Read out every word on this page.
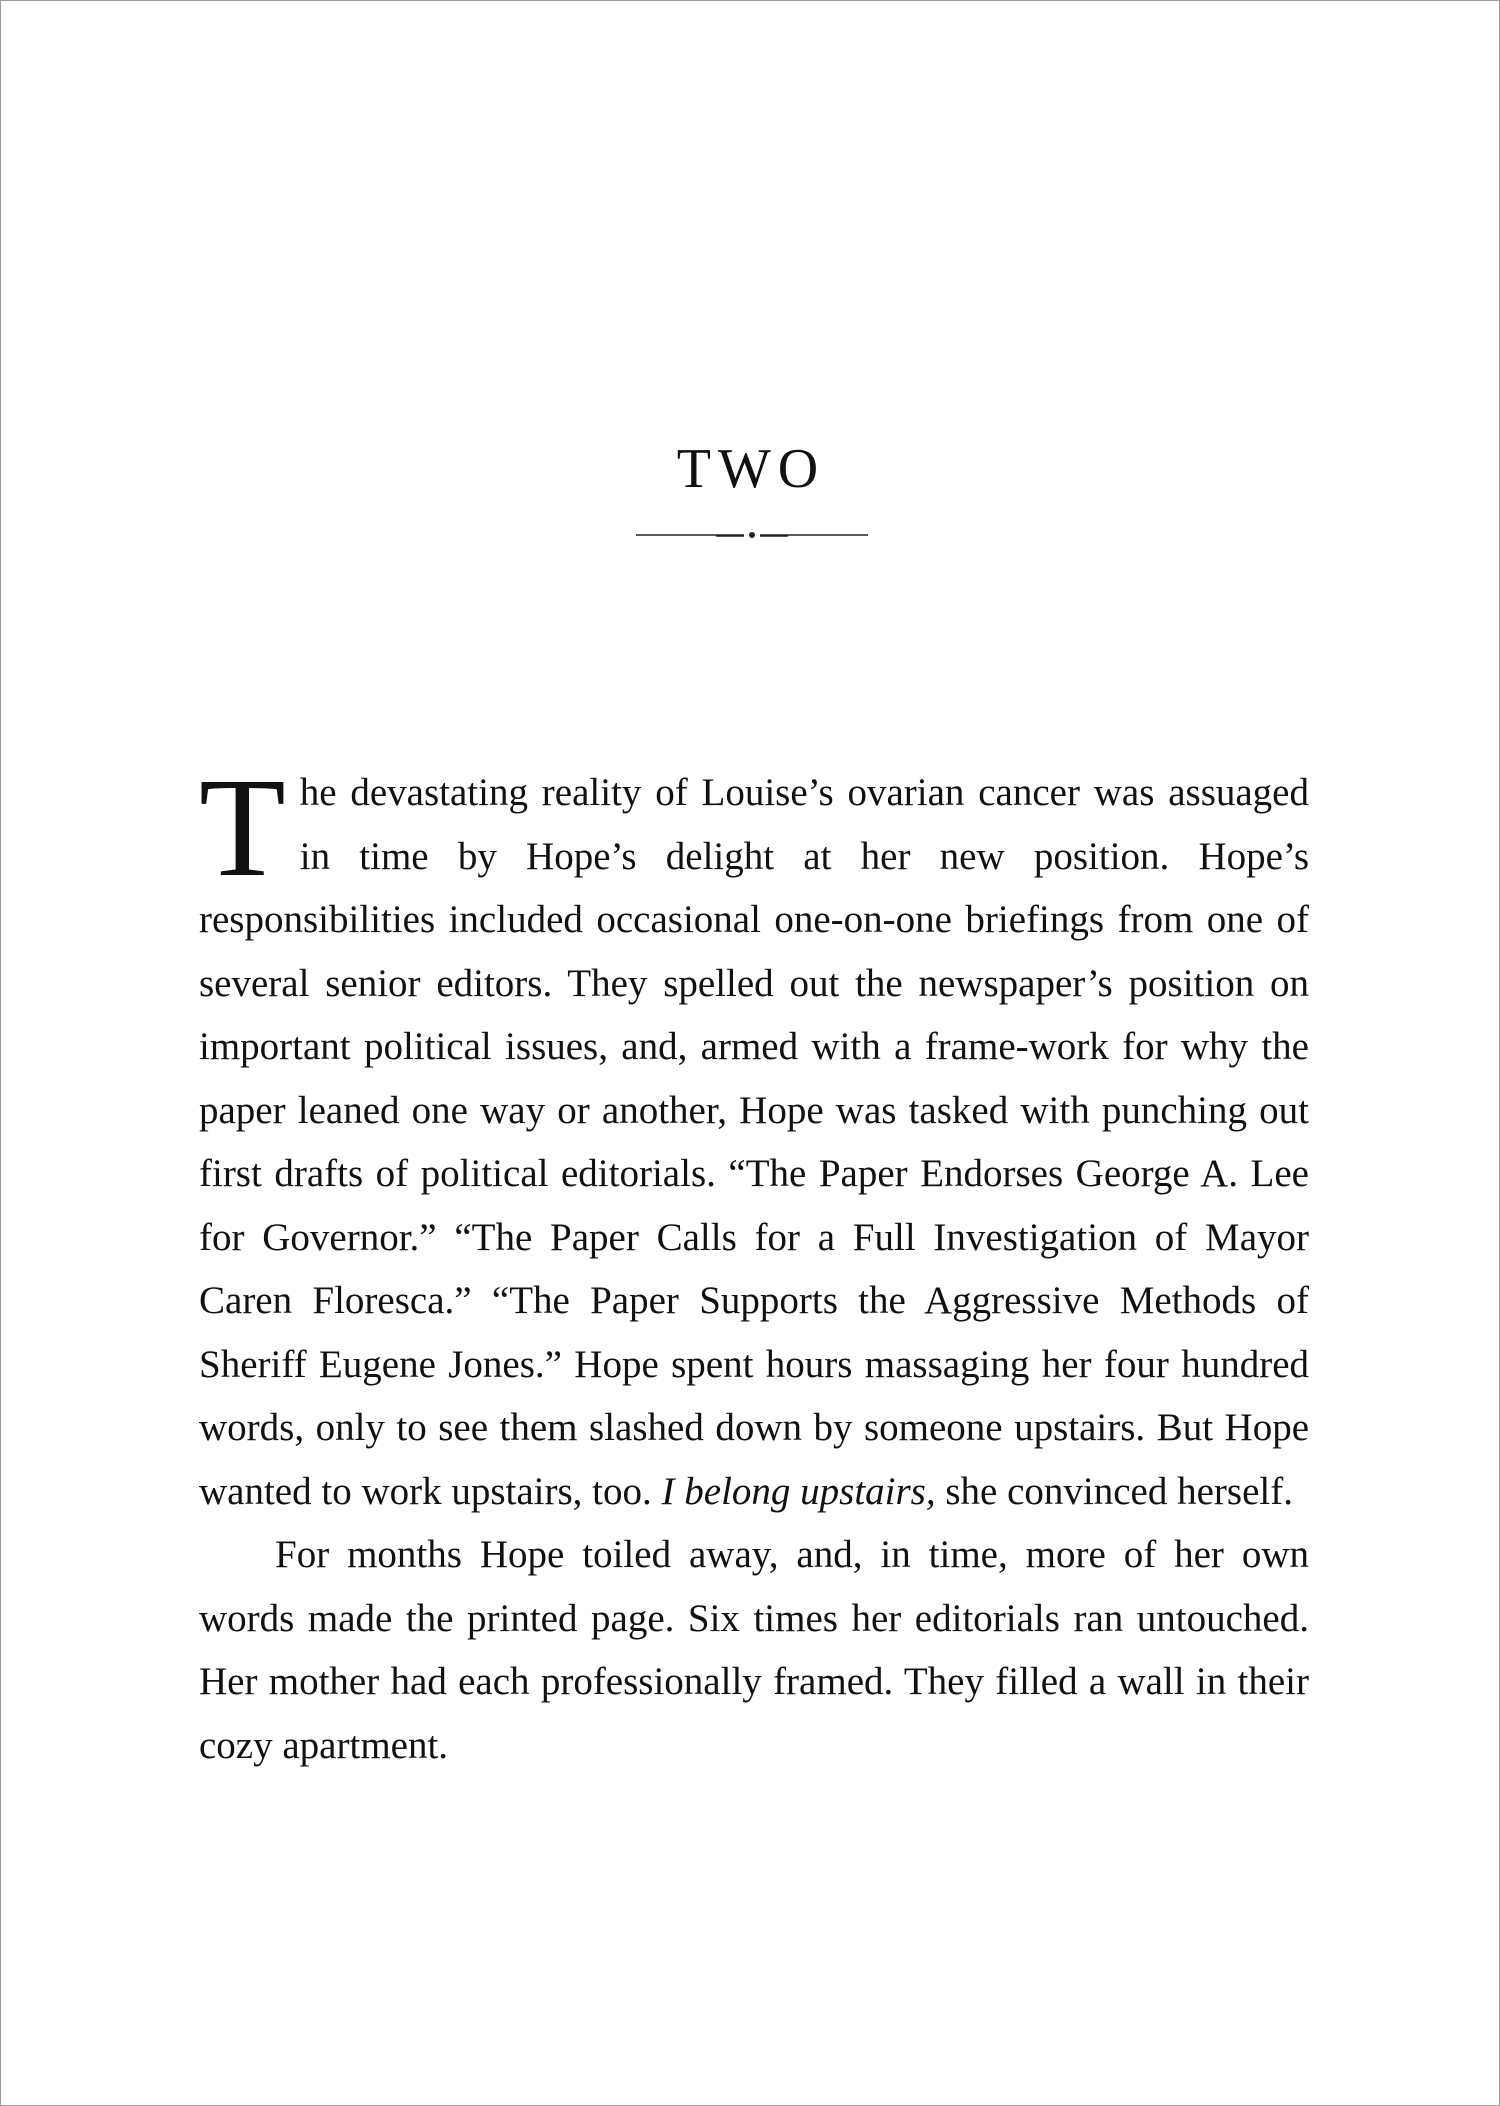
TWO

The devastating reality of Louise’s ovarian cancer was assuaged in time by Hope’s delight at her new position. Hope’s responsibilities included occasional one-on-one briefings from one of several senior editors. They spelled out the newspaper’s position on important political issues, and, armed with a frame-work for why the paper leaned one way or another, Hope was tasked with punching out first drafts of political editorials. “The Paper Endorses George A. Lee for Governor.” “The Paper Calls for a Full Investigation of Mayor Caren Floresca.” “The Paper Supports the Aggressive Methods of Sheriff Eugene Jones.” Hope spent hours massaging her four hundred words, only to see them slashed down by someone upstairs. But Hope wanted to work upstairs, too. I belong upstairs, she convinced herself.

For months Hope toiled away, and, in time, more of her own words made the printed page. Six times her editorials ran untouched. Her mother had each professionally framed. They filled a wall in their cozy apartment.
